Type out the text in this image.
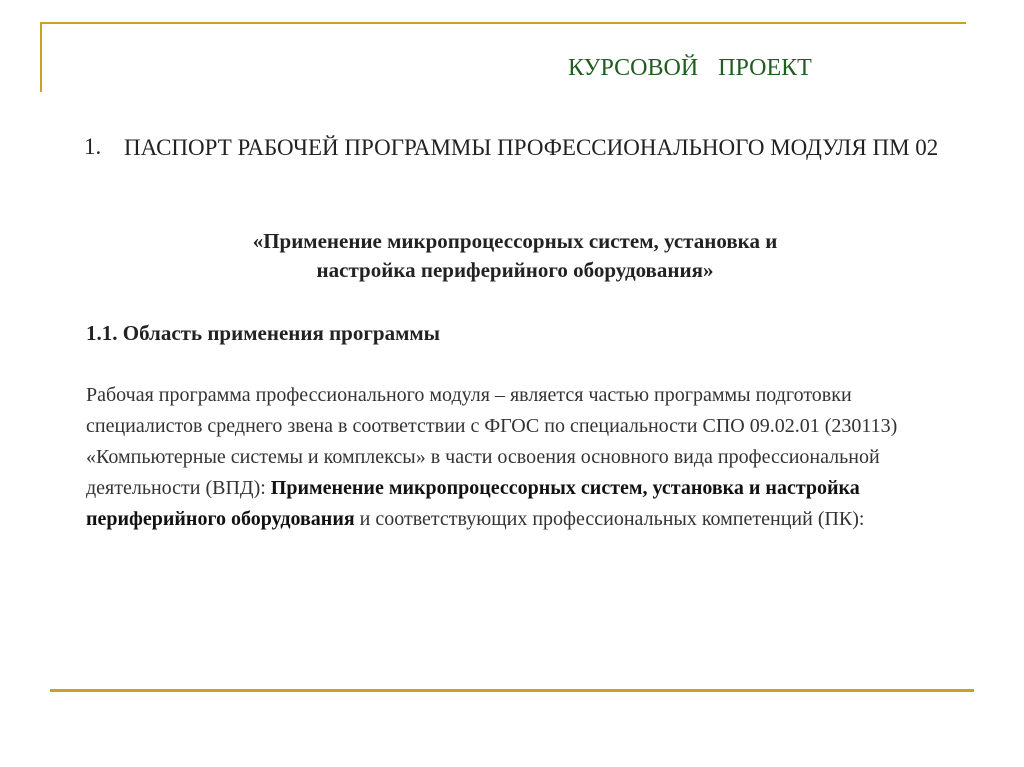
КУРСОВОЙ ПРОЕКТ
1. ПАСПОРТ РАБОЧЕЙ ПРОГРАММЫ ПРОФЕССИОНАЛЬНОГО МОДУЛЯ ПМ 02
«Применение микропроцессорных систем, установка и
настройка периферийного оборудования»
1.1. Область применения программы
Рабочая программа профессионального модуля – является частью программы подготовки специалистов среднего звена в соответствии с ФГОС по специальности СПО 09.02.01 (230113) «Компьютерные системы и комплексы» в части освоения основного вида профессиональной деятельности (ВПД): Применение микропроцессорных систем, установка и настройка периферийного оборудования и соответствующих профессиональных компетенций (ПК):
